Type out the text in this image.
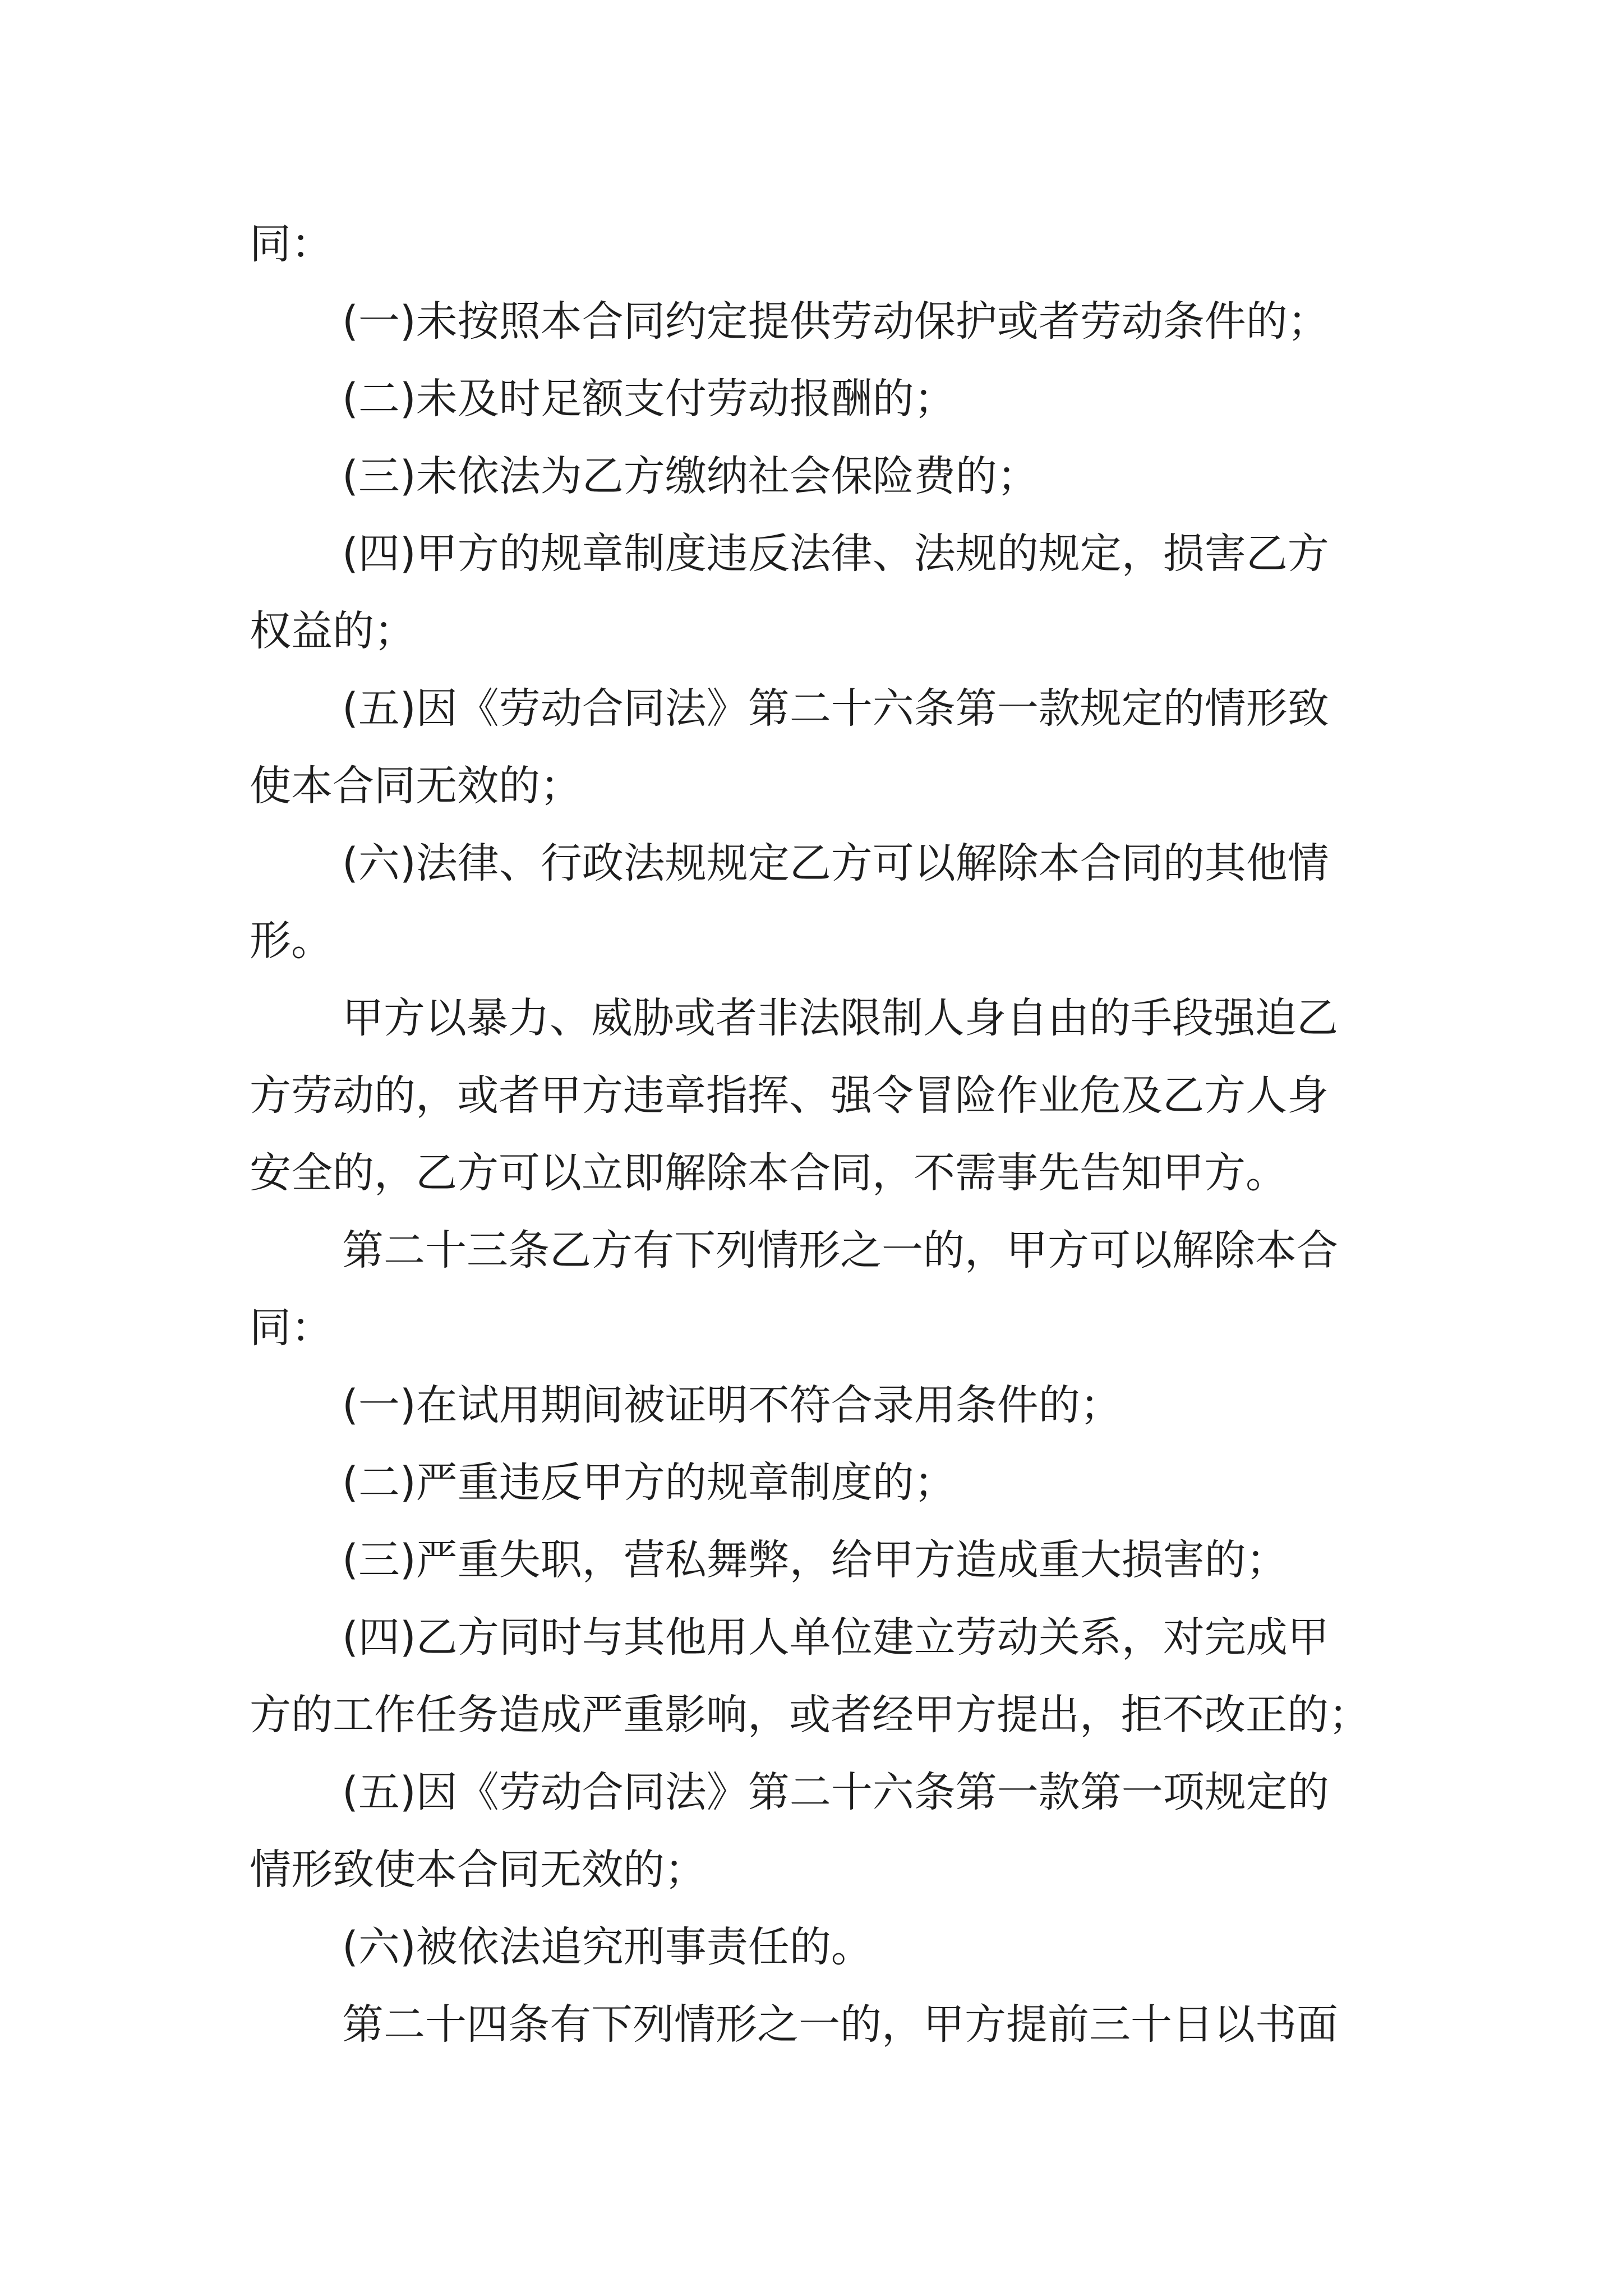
同：
(一)未按照本合同约定提供劳动保护或者劳动条件的；
(二)未及时足额支付劳动报酬的；
(三)未依法为乙方缴纳社会保险费的；
(四)甲方的规章制度违反法律、法规的规定，损害乙方
权益的；
(五)因《劳动合同法》第二十六条第一款规定的情形致
使本合同无效的；
(六)法律、行政法规规定乙方可以解除本合同的其他情
形。
甲方以暴力、威胁或者非法限制人身自由的手段强迫乙
方劳动的，或者甲方违章指挥、强令冒险作业危及乙方人身
安全的，乙方可以立即解除本合同，不需事先告知甲方。
第二十三条乙方有下列情形之一的，甲方可以解除本合
同：
(一)在试用期间被证明不符合录用条件的；
(二)严重违反甲方的规章制度的；
(三)严重失职，营私舞弊，给甲方造成重大损害的；
(四)乙方同时与其他用人单位建立劳动关系，对完成甲
方的工作任务造成严重影响，或者经甲方提出，拒不改正的；
(五)因《劳动合同法》第二十六条第一款第一项规定的
情形致使本合同无效的；
(六)被依法追究刑事责任的。
第二十四条有下列情形之一的，甲方提前三十日以书面
